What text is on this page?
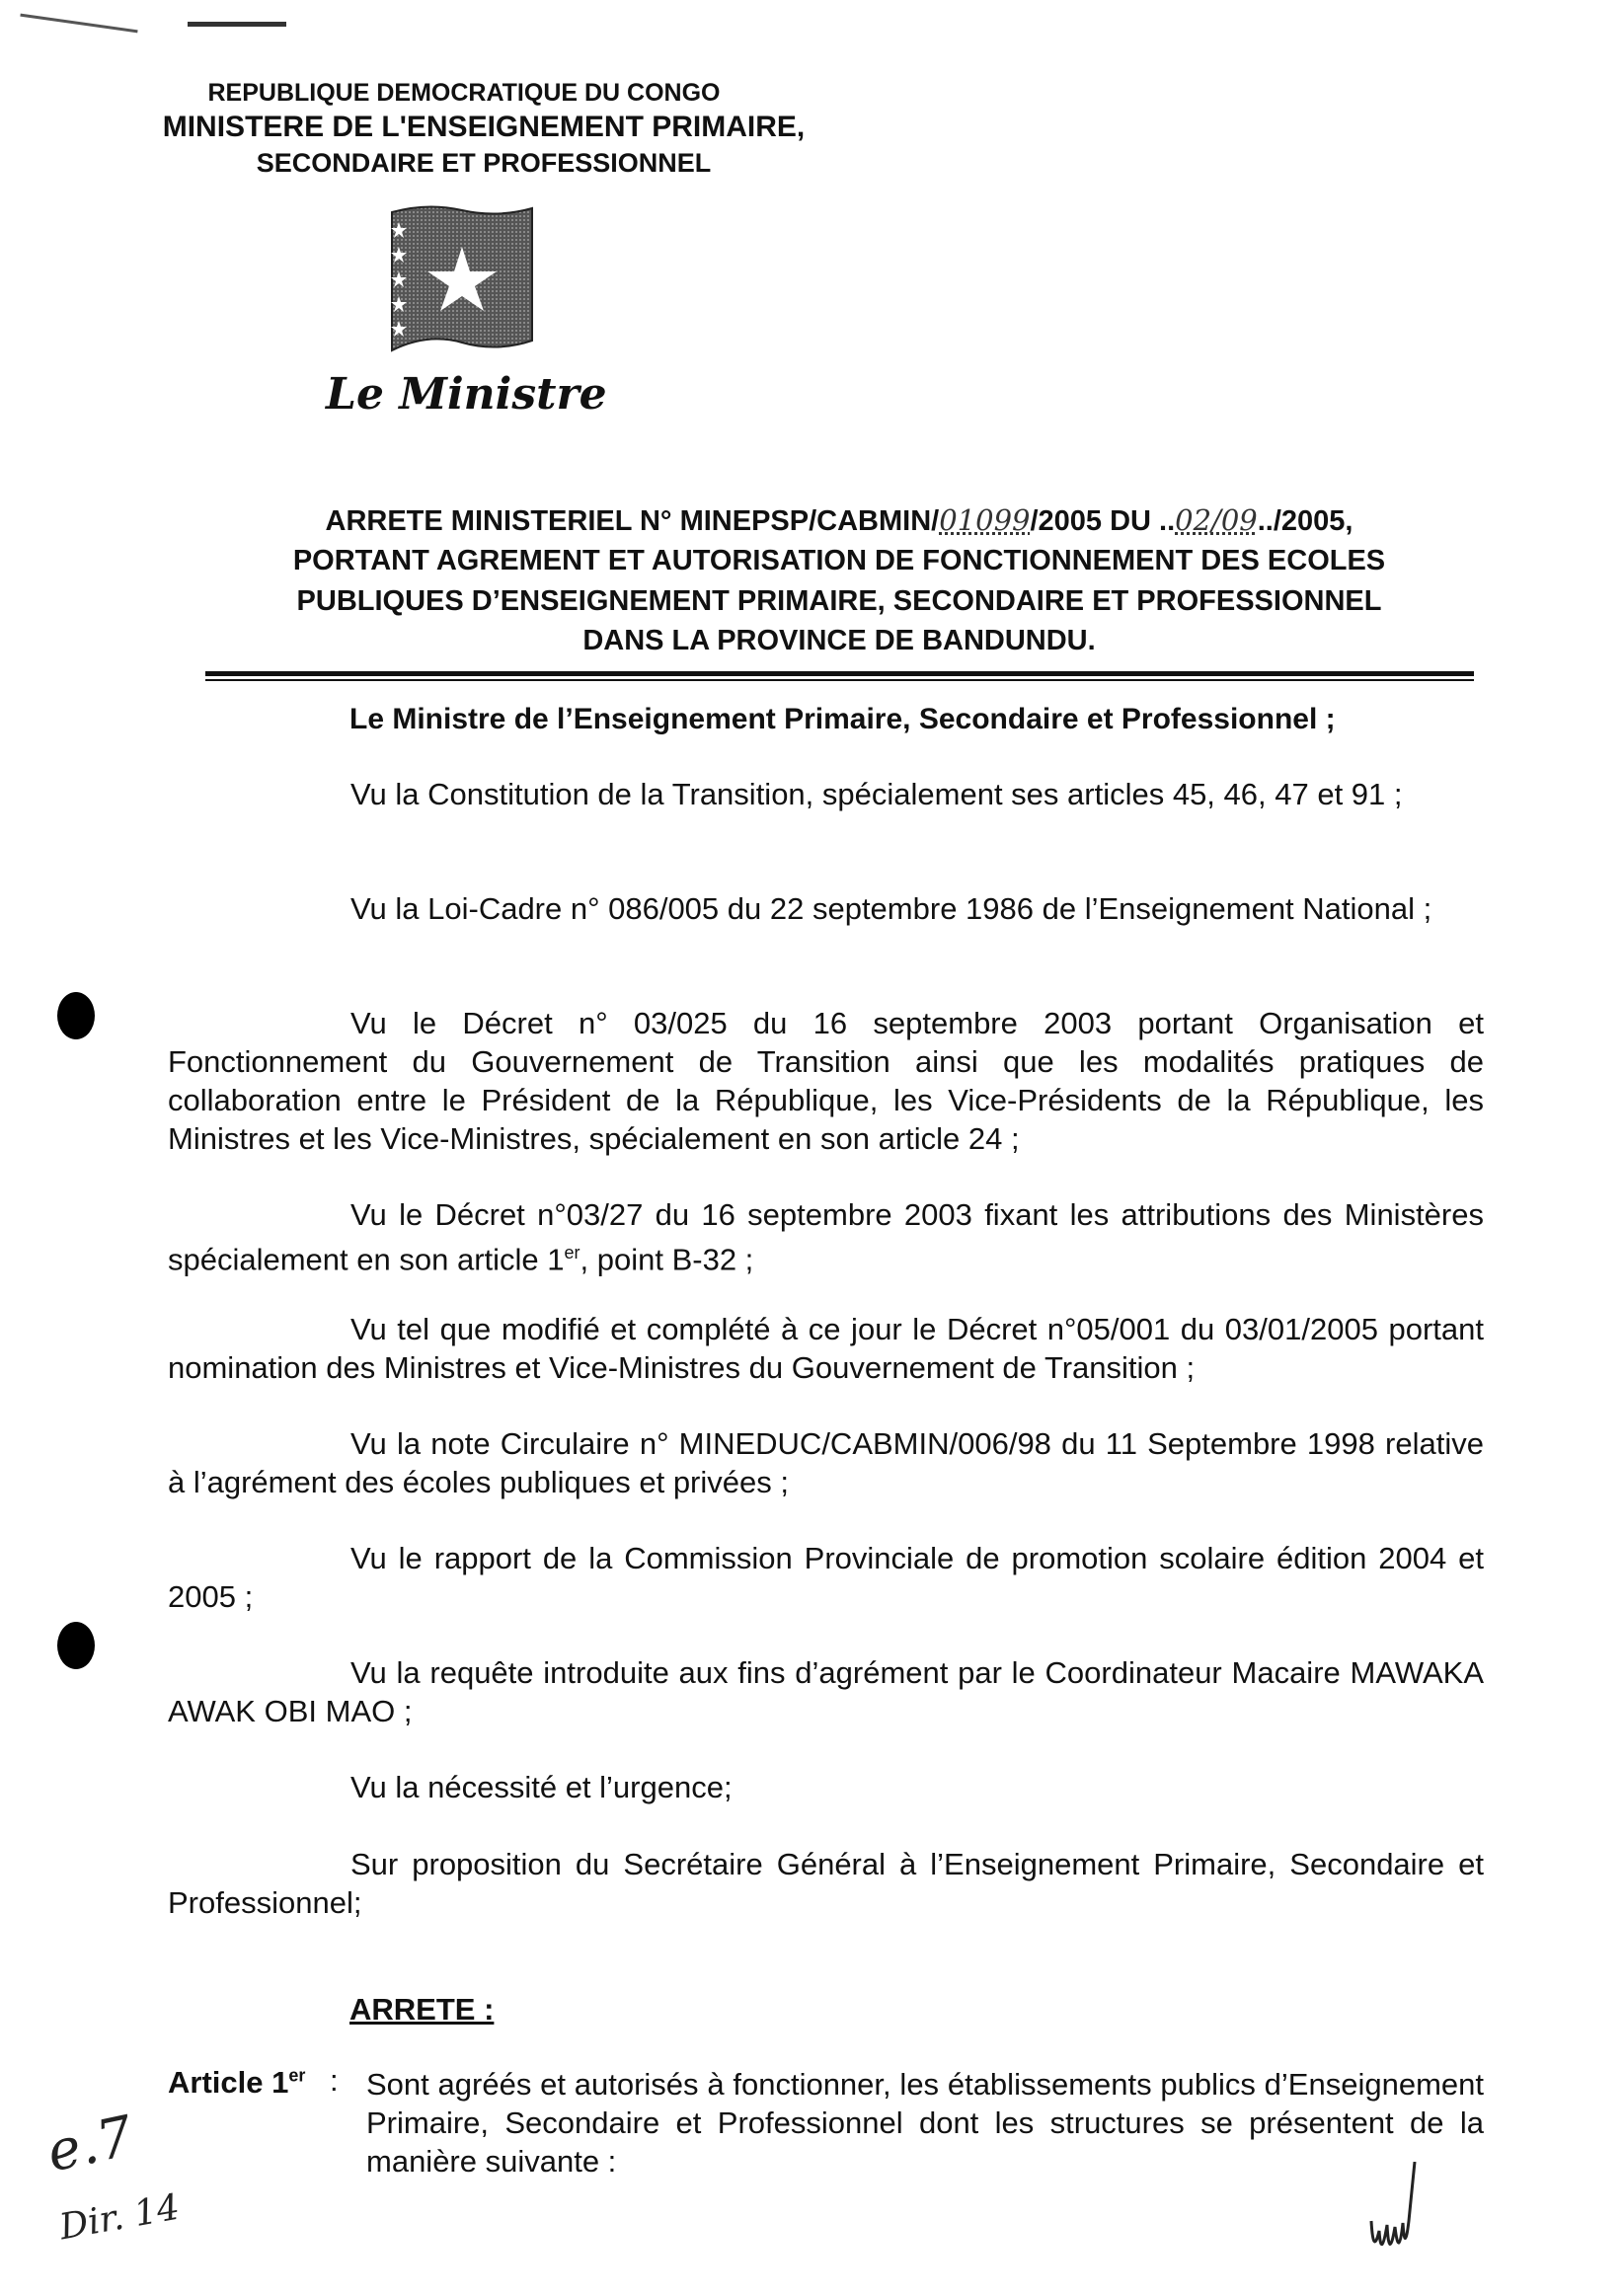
REPUBLIQUE DEMOCRATIQUE DU CONGO
MINISTERE DE L'ENSEIGNEMENT PRIMAIRE,
SECONDAIRE ET PROFESSIONNEL
Le Ministre
ARRETE MINISTERIEL N° MINEPSP/CABMIN/01099/2005 DU ..02/09../2005,
PORTANT AGREMENT ET AUTORISATION DE FONCTIONNEMENT DES ECOLES
PUBLIQUES D’ENSEIGNEMENT PRIMAIRE, SECONDAIRE ET PROFESSIONNEL
DANS LA PROVINCE DE BANDUNDU.
Le Ministre de l’Enseignement Primaire, Secondaire et Professionnel ;

Vu la Constitution de la Transition, spécialement ses articles 45, 46, 47 et 91 ;

Vu la Loi-Cadre n° 086/005 du 22 septembre 1986 de l’Enseignement National ;

Vu le Décret n° 03/025 du 16 septembre 2003 portant Organisation et Fonctionnement du Gouvernement de Transition ainsi que les modalités pratiques de collaboration entre le Président de la République, les Vice-Présidents de la République, les Ministres et les Vice-Ministres, spécialement en son article 24 ;

Vu le Décret n°03/27 du 16 septembre 2003 fixant les attributions des Ministères spécialement en son article 1er, point B-32 ;

Vu tel que modifié et complété à ce jour le Décret n°05/001 du 03/01/2005 portant nomination des Ministres et Vice-Ministres du Gouvernement de Transition ;

Vu la note Circulaire n° MINEDUC/CABMIN/006/98 du 11 Septembre 1998 relative à l’agrément des écoles publiques et privées ;

Vu le rapport de la Commission Provinciale de promotion scolaire édition 2004 et 2005 ;

Vu la requête introduite aux fins d’agrément par le Coordinateur Macaire MAWAKA AWAK OBI MAO ;

Vu la nécessité et l’urgence;

Sur proposition du Secrétaire Général à l’Enseignement Primaire, Secondaire et Professionnel;

ARRETE :
Article 1er : Sont agréés et autorisés à fonctionner, les établissements publics d’Enseignement Primaire, Secondaire et Professionnel dont les structures se présentent de la manière suivante :

e.7
Dir. 14
